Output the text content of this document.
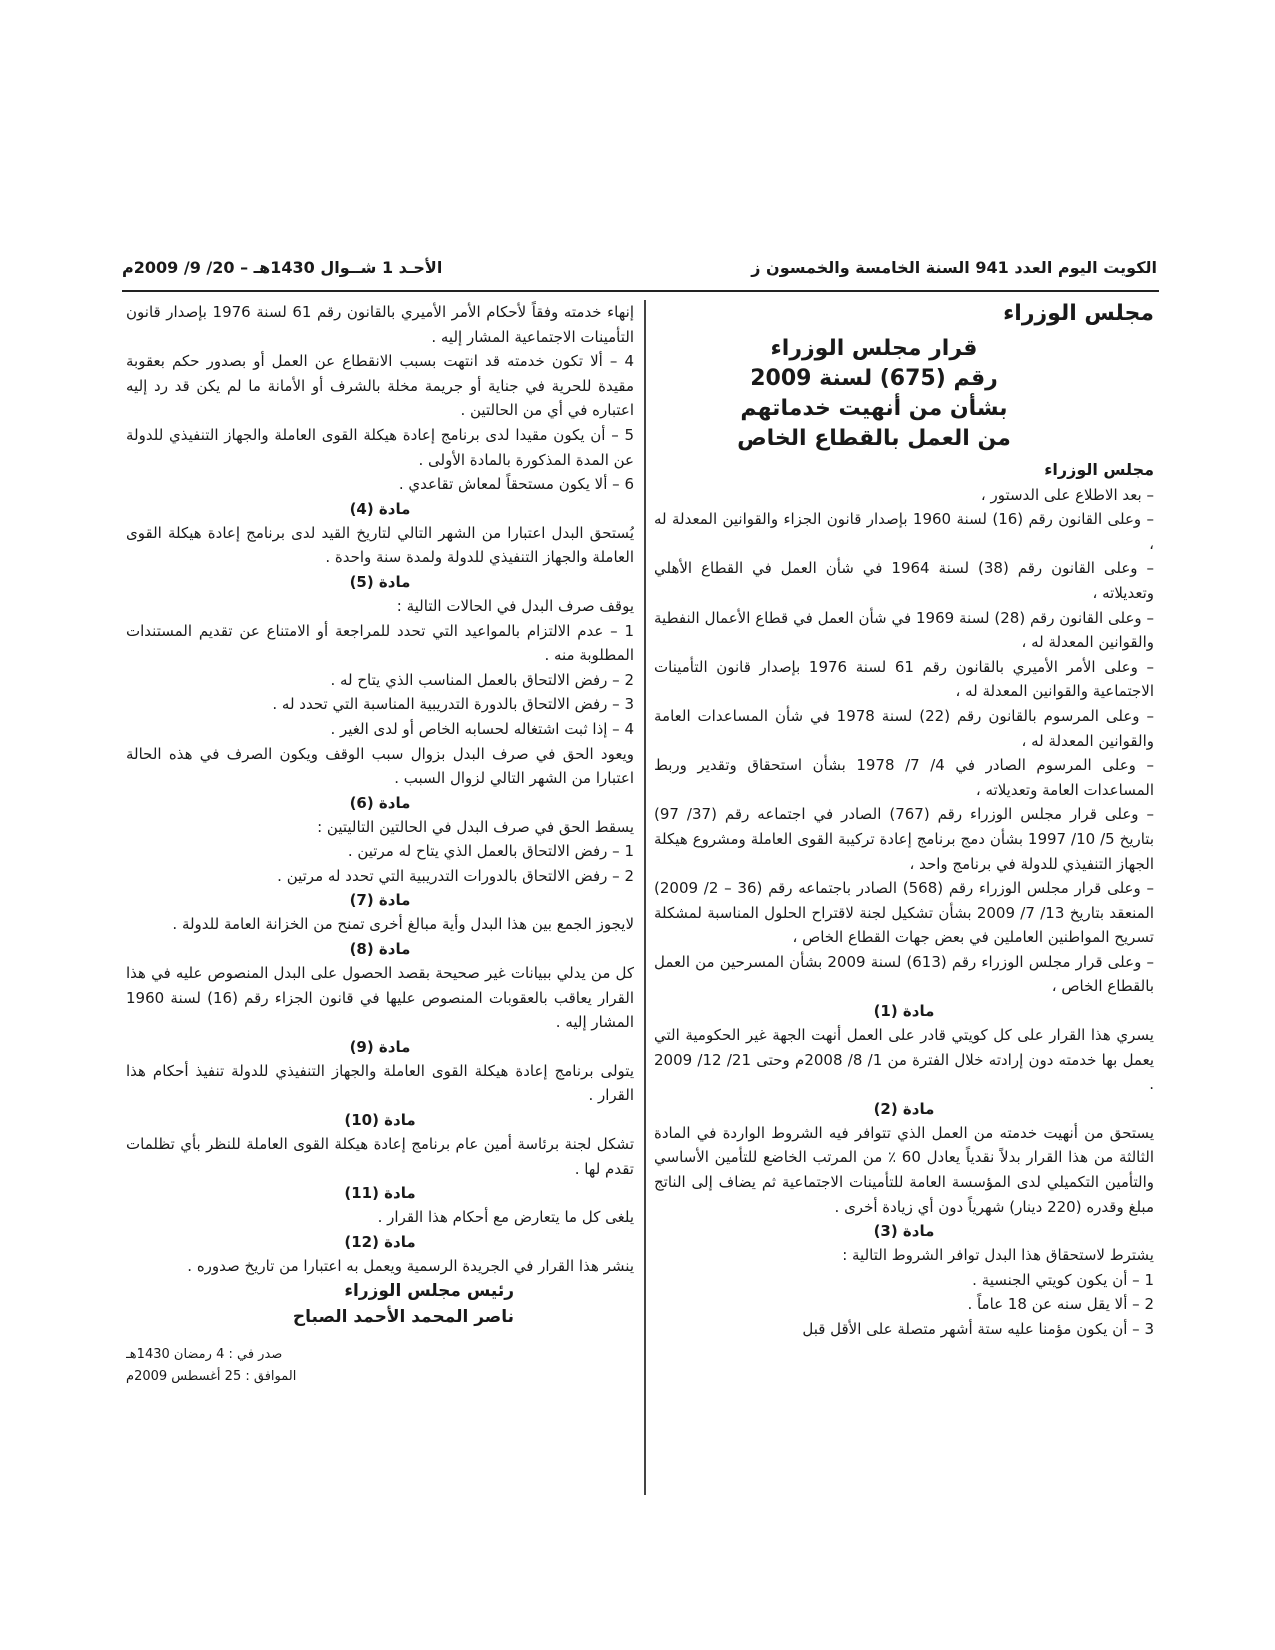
الأحـد 1 شــوال 1430هـ – 20/ 9/ 2009م	الكويت اليوم العدد 941 السنة الخامسة والخمسون ز
مجلس الوزراء
قرار مجلس الوزراء
رقم (675) لسنة 2009
بشأن من أنهيت خدماتهم
من العمل بالقطاع الخاص
مجلس الوزراء

– بعد الاطلاع على الدستور ،

– وعلى القانون رقم (16) لسنة 1960 بإصدار قانون الجزاء والقوانين المعدلة له ،

– وعلى القانون رقم (38) لسنة 1964 في شأن العمل في القطاع الأهلي وتعديلاته ،

– وعلى القانون رقم (28) لسنة 1969 في شأن العمل في قطاع الأعمال النفطية والقوانين المعدلة له ،

– وعلى الأمر الأميري بالقانون رقم 61 لسنة 1976 بإصدار قانون التأمينات الاجتماعية والقوانين المعدلة له ،

– وعلى المرسوم بالقانون رقم (22) لسنة 1978 في شأن المساعدات العامة والقوانين المعدلة له ،

– وعلى المرسوم الصادر في 4/ 7/ 1978 بشأن استحقاق وتقدير وربط المساعدات العامة وتعديلاته ،

– وعلى قرار مجلس الوزراء رقم (767) الصادر في اجتماعه رقم (37/ 97) بتاريخ 5/ 10/ 1997 بشأن دمج برنامج إعادة تركيبة القوى العاملة ومشروع هيكلة الجهاز التنفيذي للدولة في برنامج واحد ،

– وعلى قرار مجلس الوزراء رقم (568) الصادر باجتماعه رقم (36 – 2/ 2009) المنعقد بتاريخ 13/ 7/ 2009 بشأن تشكيل لجنة لاقتراح الحلول المناسبة لمشكلة تسريح المواطنين العاملين في بعض جهات القطاع الخاص ،

– وعلى قرار مجلس الوزراء رقم (613) لسنة 2009 بشأن المسرحين من العمل بالقطاع الخاص ،

مادة (1)

يسري هذا القرار على كل كويتي قادر على العمل أنهت الجهة غير الحكومية التي يعمل بها خدمته دون إرادته خلال الفترة من 1/ 8/ 2008م وحتى 21/ 12/ 2009 .

مادة (2)

يستحق من أنهيت خدمته من العمل الذي تتوافر فيه الشروط الواردة في المادة الثالثة من هذا القرار بدلاً نقدياً يعادل 60 ٪ من المرتب الخاضع للتأمين الأساسي والتأمين التكميلي لدى المؤسسة العامة للتأمينات الاجتماعية ثم يضاف إلى الناتج مبلغ وقدره (220 دينار) شهرياً دون أي زيادة أخرى .

مادة (3)

يشترط لاستحقاق هذا البدل توافر الشروط التالية :

1 – أن يكون كويتي الجنسية .

2 – ألا يقل سنه عن 18 عاماً .

3 – أن يكون مؤمنا عليه ستة أشهر متصلة على الأقل قبل

إنهاء خدمته وفقاً لأحكام الأمر الأميري بالقانون رقم 61 لسنة 1976 بإصدار قانون التأمينات الاجتماعية المشار إليه .

4 – ألا تكون خدمته قد انتهت بسبب الانقطاع عن العمل أو بصدور حكم بعقوبة مقيدة للحرية في جناية أو جريمة مخلة بالشرف أو الأمانة ما لم يكن قد رد إليه اعتباره في أي من الحالتين .

5 – أن يكون مقيدا لدى برنامج إعادة هيكلة القوى العاملة والجهاز التنفيذي للدولة عن المدة المذكورة بالمادة الأولى .

6 – ألا يكون مستحقاً لمعاش تقاعدي .

مادة (4)

يُستحق البدل اعتبارا من الشهر التالي لتاريخ القيد لدى برنامج إعادة هيكلة القوى العاملة والجهاز التنفيذي للدولة ولمدة سنة واحدة .

مادة (5)

يوقف صرف البدل في الحالات التالية :

1 – عدم الالتزام بالمواعيد التي تحدد للمراجعة أو الامتناع عن تقديم المستندات المطلوبة منه .

2 – رفض الالتحاق بالعمل المناسب الذي يتاح له .

3 – رفض الالتحاق بالدورة التدريبية المناسبة التي تحدد له .

4 – إذا ثبت اشتغاله لحسابه الخاص أو لدى الغير .

ويعود الحق في صرف البدل بزوال سبب الوقف ويكون الصرف في هذه الحالة اعتبارا من الشهر التالي لزوال السبب .

مادة (6)

يسقط الحق في صرف البدل في الحالتين التاليتين :

1 – رفض الالتحاق بالعمل الذي يتاح له مرتين .

2 – رفض الالتحاق بالدورات التدريبية التي تحدد له مرتين .

مادة (7)

لايجوز الجمع بين هذا البدل وأية مبالغ أخرى تمنح من الخزانة العامة للدولة .

مادة (8)

كل من يدلي ببيانات غير صحيحة بقصد الحصول على البدل المنصوص عليه في هذا القرار يعاقب بالعقوبات المنصوص عليها في قانون الجزاء رقم (16) لسنة 1960 المشار إليه .

مادة (9)

يتولى برنامج إعادة هيكلة القوى العاملة والجهاز التنفيذي للدولة تنفيذ أحكام هذا القرار .

مادة (10)

تشكل لجنة برئاسة أمين عام برنامج إعادة هيكلة القوى العاملة للنظر بأي تظلمات تقدم لها .

مادة (11)

يلغى كل ما يتعارض مع أحكام هذا القرار .

مادة (12)

ينشر هذا القرار في الجريدة الرسمية ويعمل به اعتبارا من تاريخ صدوره .

رئيس مجلس الوزراء
ناصر المحمد الأحمد الصباح
صدر في : 4 رمضان 1430هـ
الموافق : 25 أغسطس 2009م
